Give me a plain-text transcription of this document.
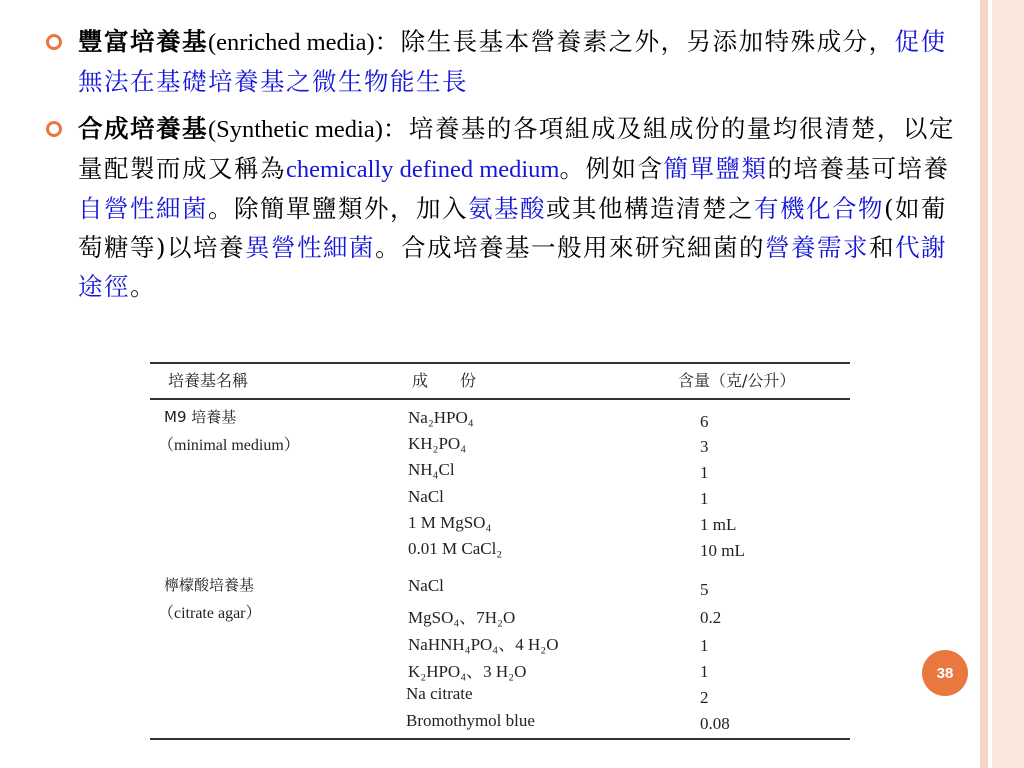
豐富培養基(enriched media)：除生長基本營養素之外，另添加特殊成分，促使無法在基礎培養基之微生物能生長
合成培養基(Synthetic media)：培養基的各項組成及組成份的量均很清楚，以定量配製而成又稱為chemically defined medium。例如含簡單鹽類的培養基可培養自營性細菌。除簡單鹽類外，加入氨基酸或其他構造清楚之有機化合物(如葡萄糖等)以培養異營性細菌。合成培養基一般用來研究細菌的營養需求和代謝途徑。
培養基名稱	成　　份	含量（克/公升）
M9 培養基
（minimal medium）
Na₂HPO₄	6
KH₂PO₄	3
NH₄Cl	1
NaCl	1
1 M MgSO₄	1 mL
0.01 M CaCl₂	10 mL
檸檬酸培養基
（citrate agar）
NaCl	5
MgSO₄、7H₂O	0.2
NaHNH₄PO₄、4 H₂O	1
K₂HPO₄、3 H₂O	1
Na citrate	2
Bromothymol blue	0.08
38
